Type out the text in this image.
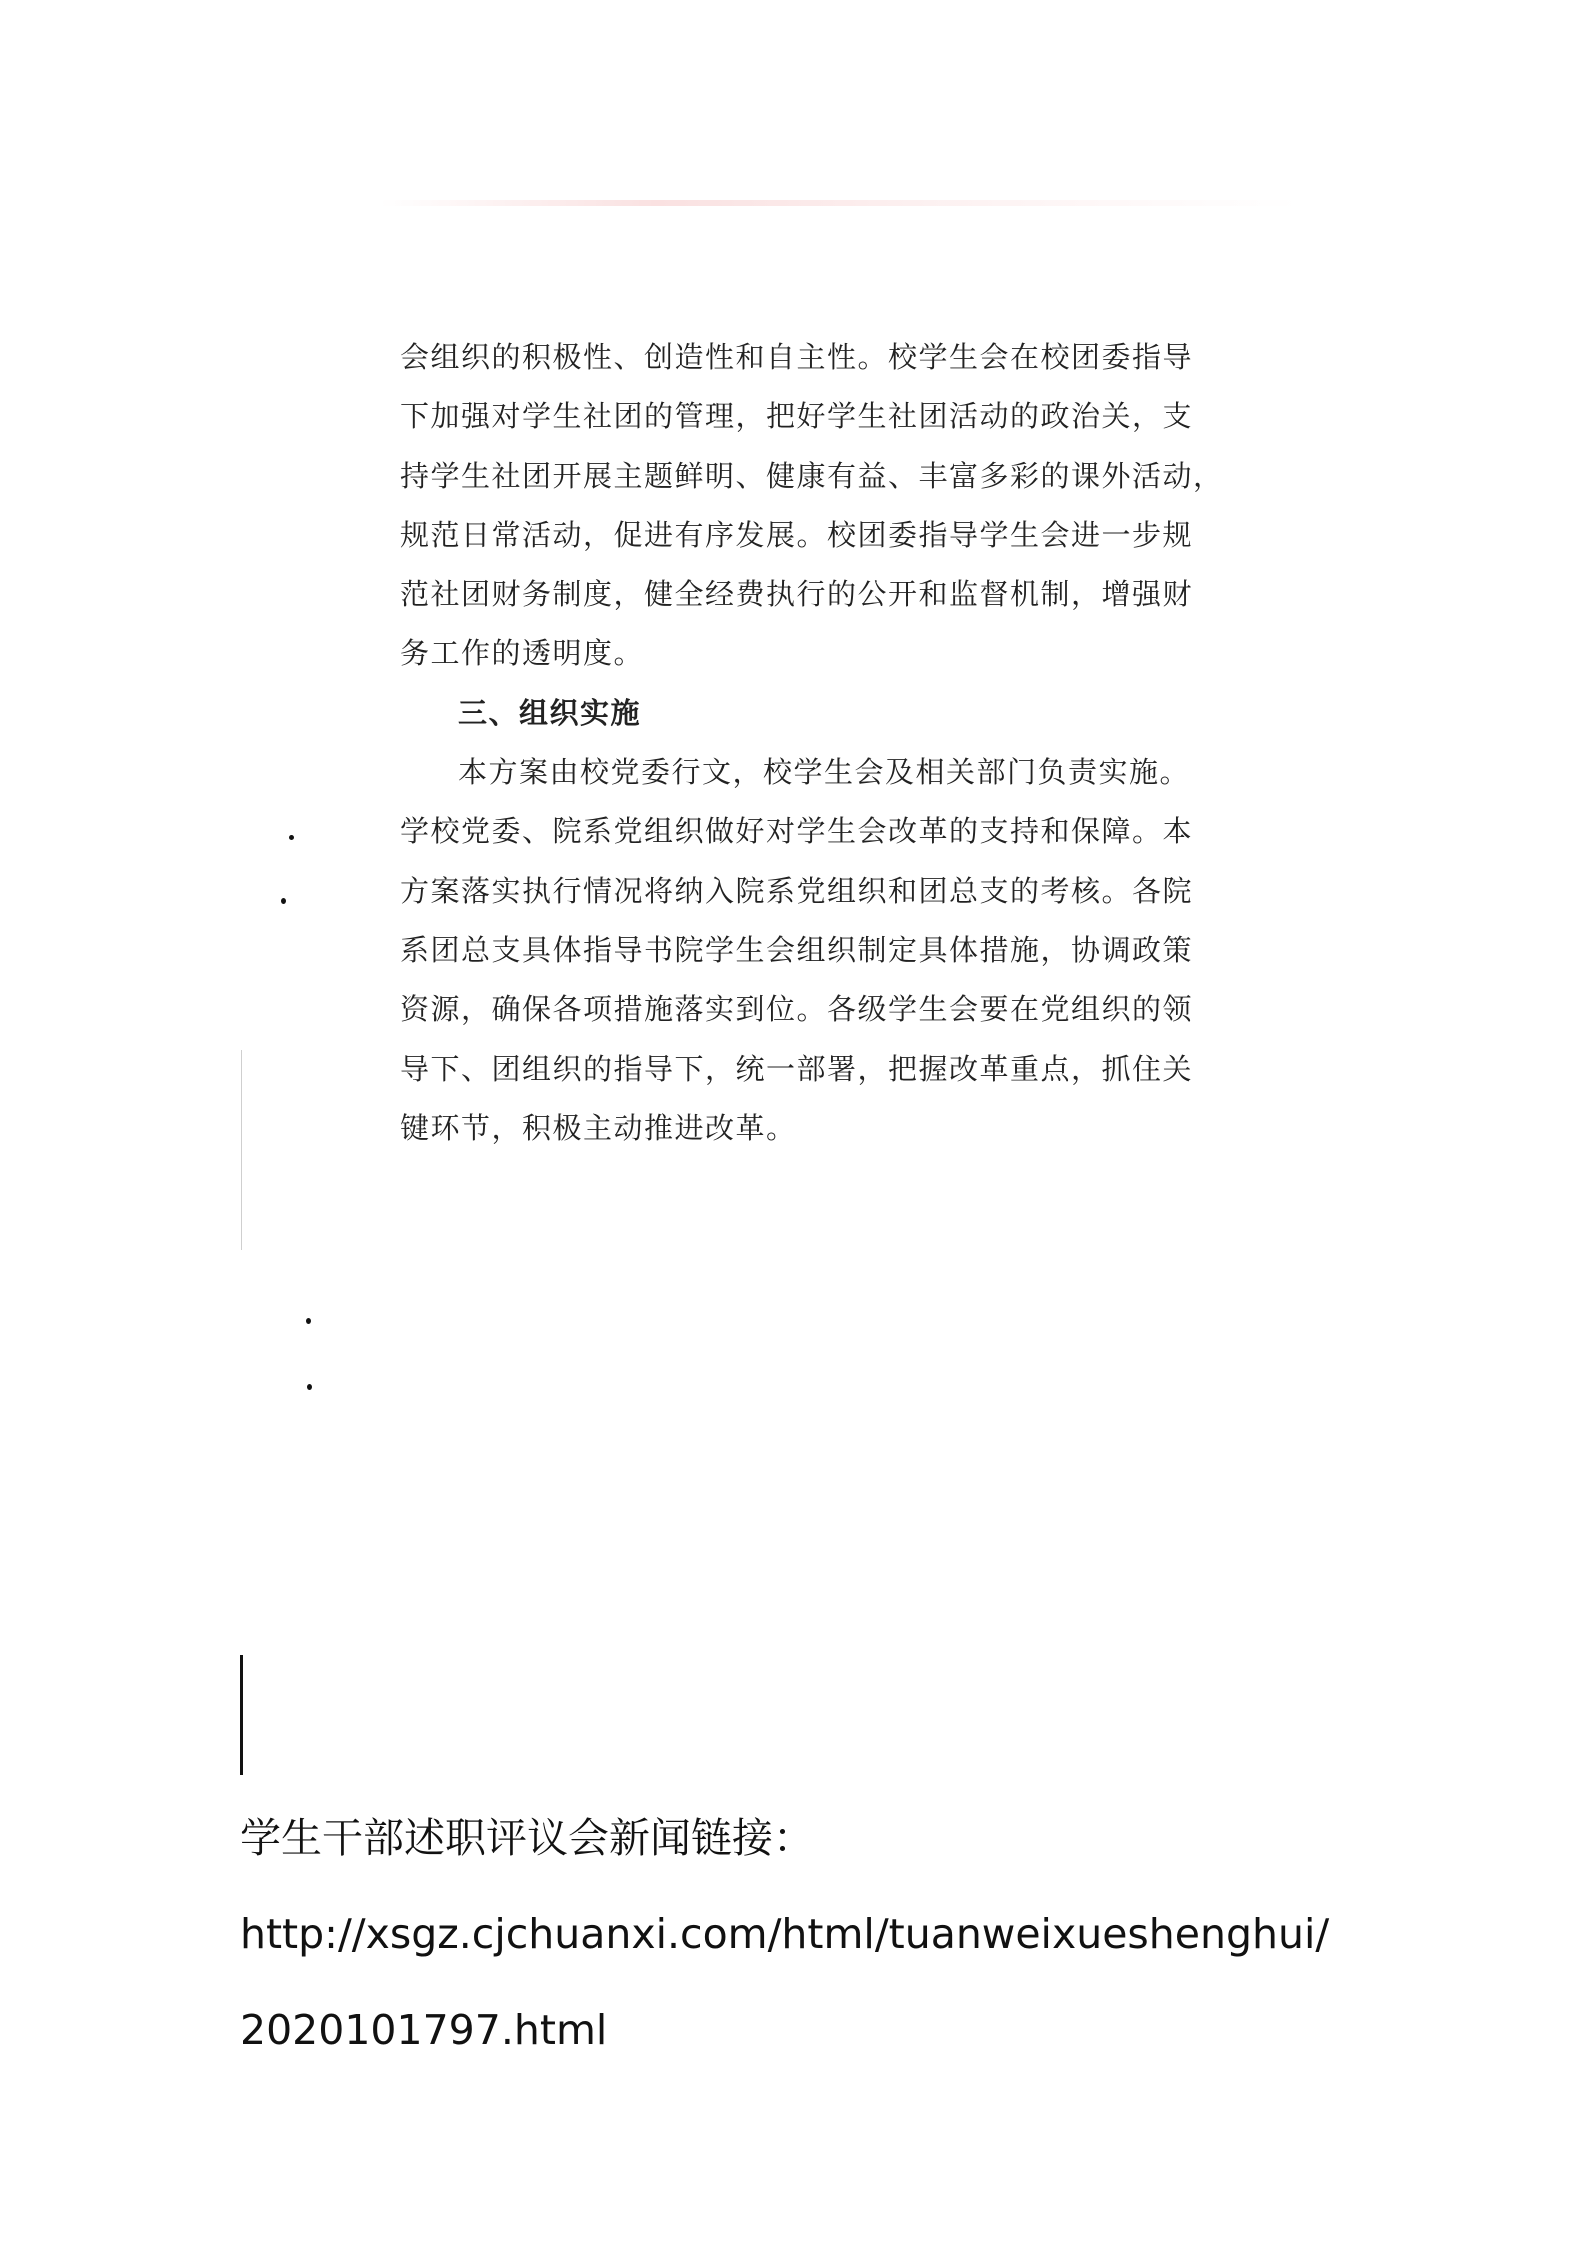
会组织的积极性、创造性和自主性。校学生会在校团委指导
下加强对学生社团的管理，把好学生社团活动的政治关，支
持学生社团开展主题鲜明、健康有益、丰富多彩的课外活动，
规范日常活动，促进有序发展。校团委指导学生会进一步规
范社团财务制度，健全经费执行的公开和监督机制，增强财
务工作的透明度。
三、组织实施
本方案由校党委行文，校学生会及相关部门负责实施。
学校党委、院系党组织做好对学生会改革的支持和保障。本
方案落实执行情况将纳入院系党组织和团总支的考核。各院
系团总支具体指导书院学生会组织制定具体措施，协调政策
资源，确保各项措施落实到位。各级学生会要在党组织的领
导下、团组织的指导下，统一部署，把握改革重点，抓住关
键环节，积极主动推进改革。
学生干部述职评议会新闻链接：
http://xsgz.cjchuanxi.com/html/tuanweixueshenghui/
2020101797.html
